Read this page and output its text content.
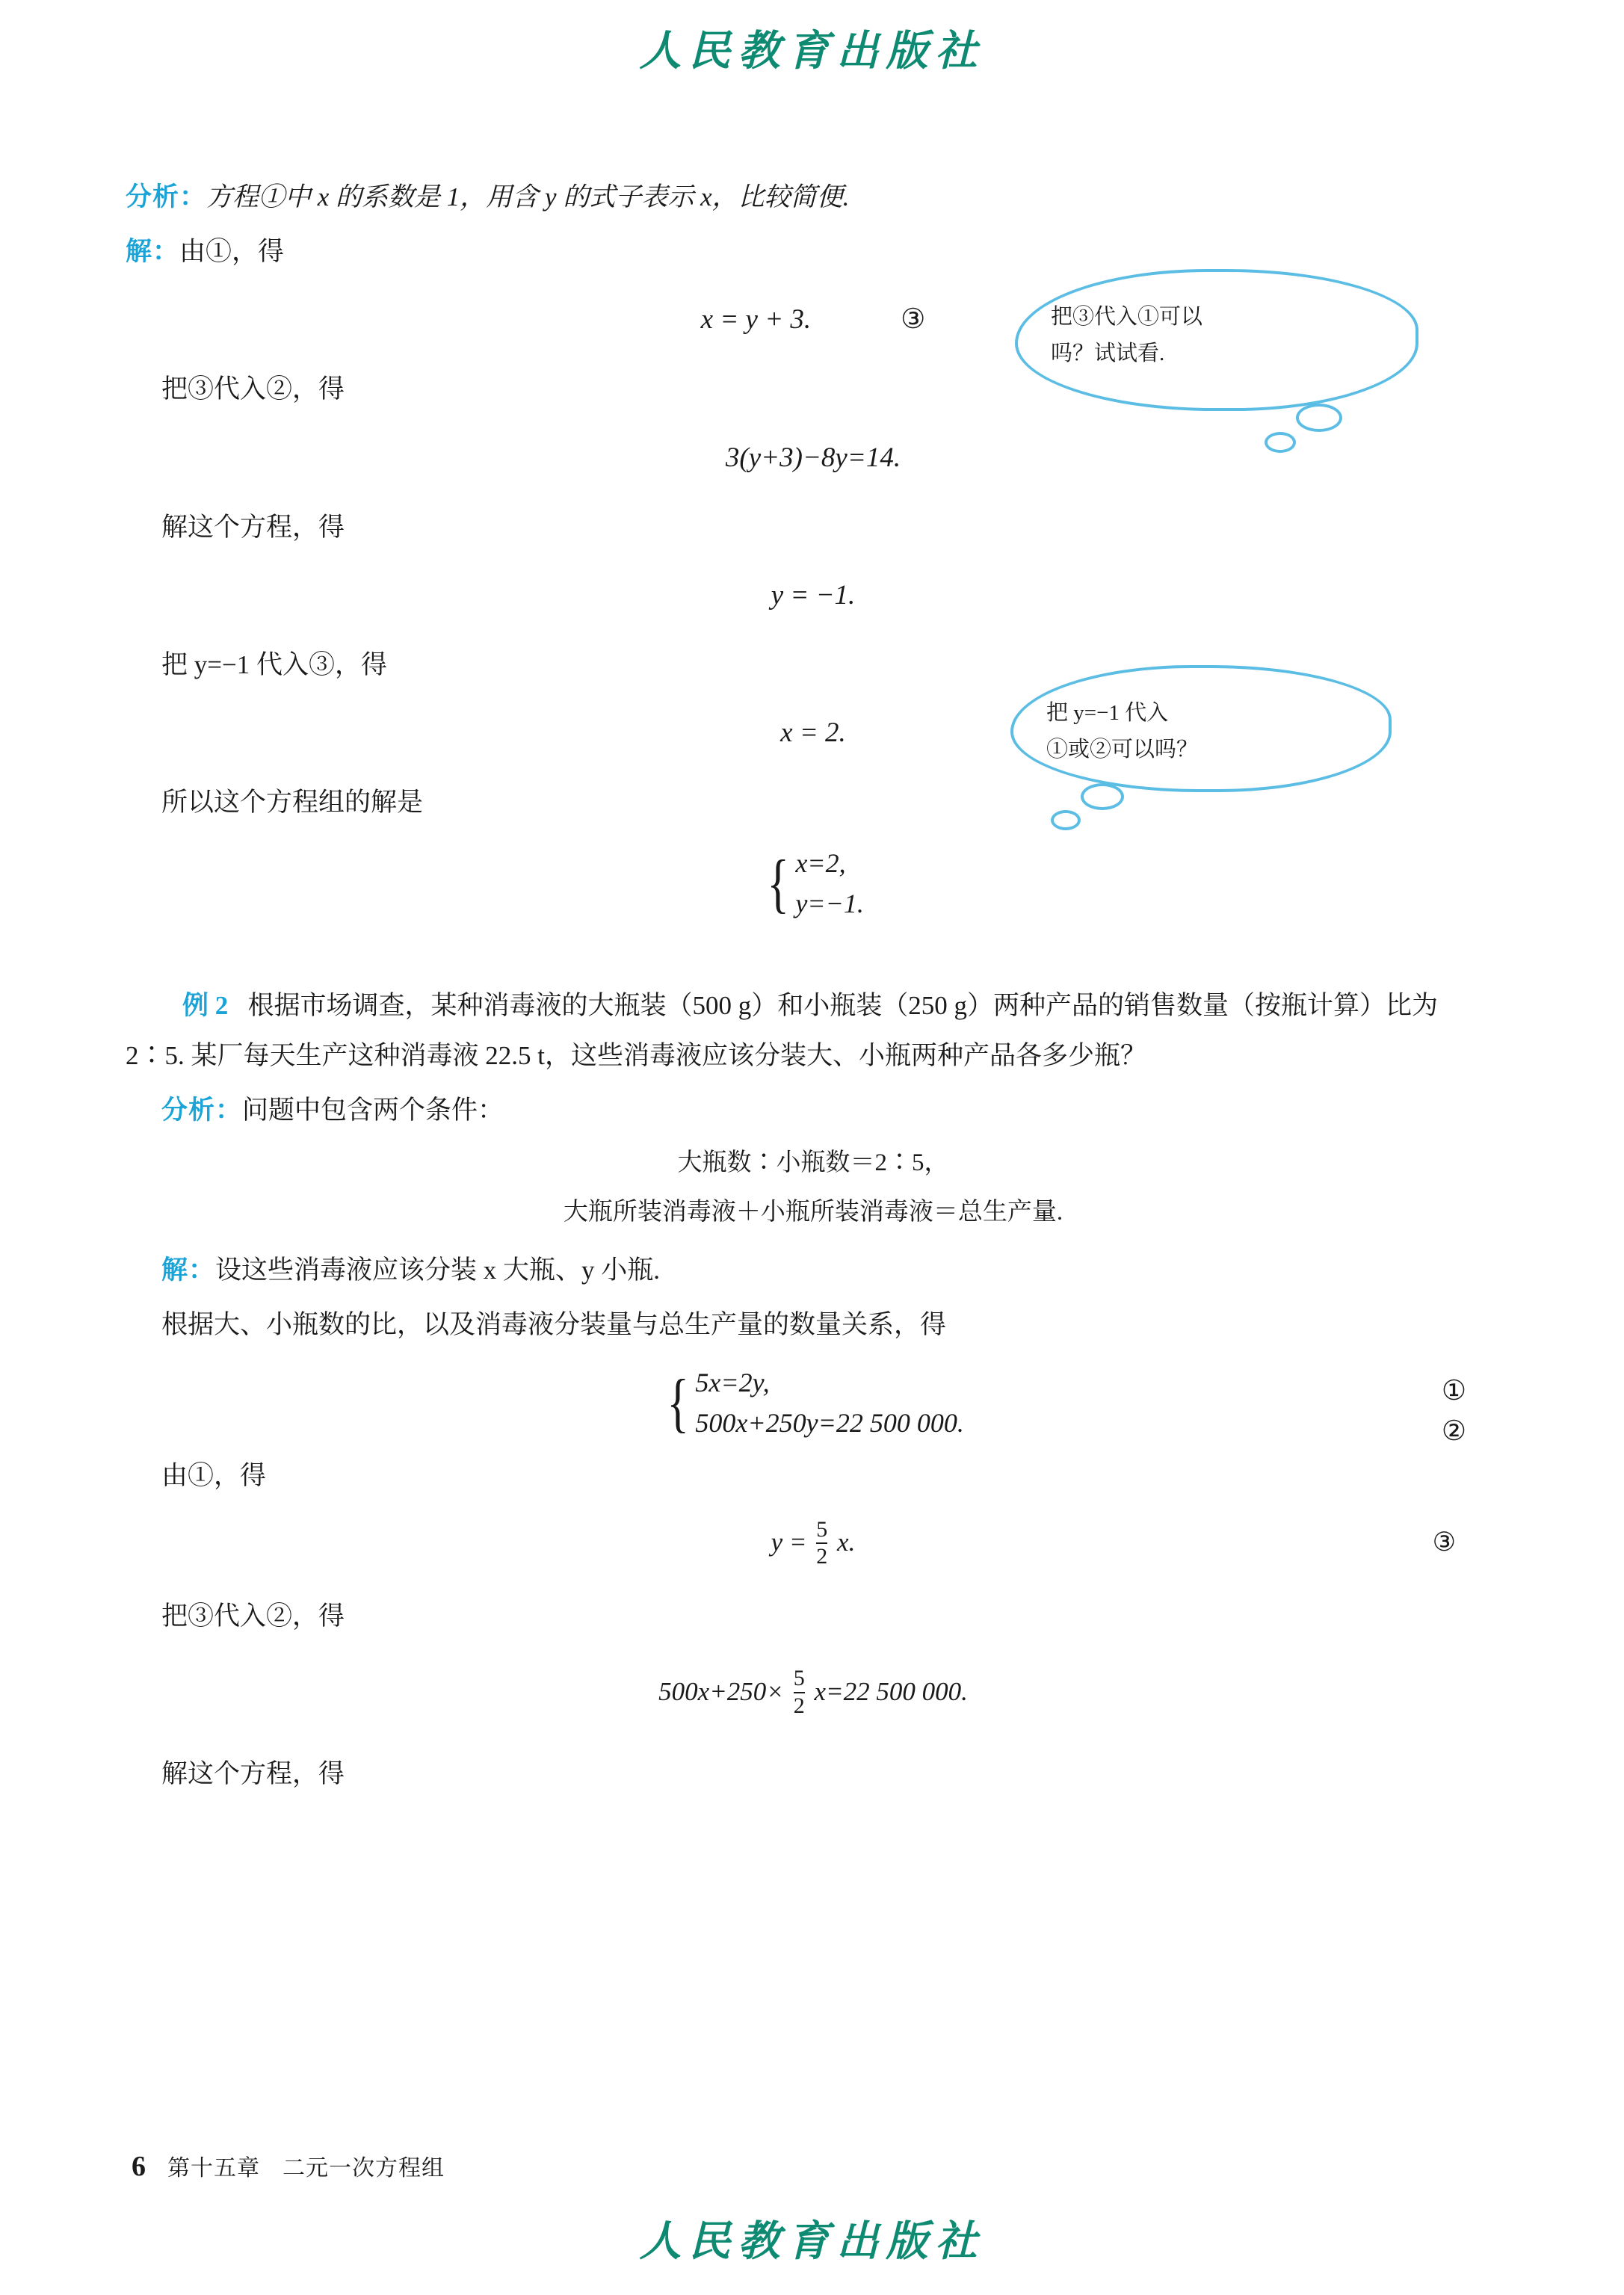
人民教育出版社

分析：方程①中 x 的系数是 1，用含 y 的式子表示 x，比较简便.

解：由①，得

x = y + 3.	③

把③代入②，得

3(y+3)−8y=14.

解这个方程，得

y = −1.

把 y=−1 代入③，得

x = 2.

所以这个方程组的解是

{ x=2,
y=−1.

例 2 根据市场调查，某种消毒液的大瓶装（500 g）和小瓶装（250 g）两种产品的销售数量（按瓶计算）比为 2∶5. 某厂每天生产这种消毒液 22.5 t，这些消毒液应该分装大、小瓶两种产品各多少瓶？

分析：问题中包含两个条件：

大瓶数∶小瓶数＝2∶5，
大瓶所装消毒液＋小瓶所装消毒液＝总生产量.

解：设这些消毒液应该分装 x 大瓶、y 小瓶.

根据大、小瓶数的比，以及消毒液分装量与总生产量的数量关系，得

{ 5x=2y,
500x+250y=22 500 000.
①
②

由①，得

$y = \frac{5}{2} x$.	③

把③代入②，得

$500x+250\times \frac{5}{2} x=22$ 500 000.

解这个方程，得

把③代入①可以
吗？试试看.
把 y=−1 代入
①或②可以吗？
6 第十五章 二元一次方程组
人民教育出版社
